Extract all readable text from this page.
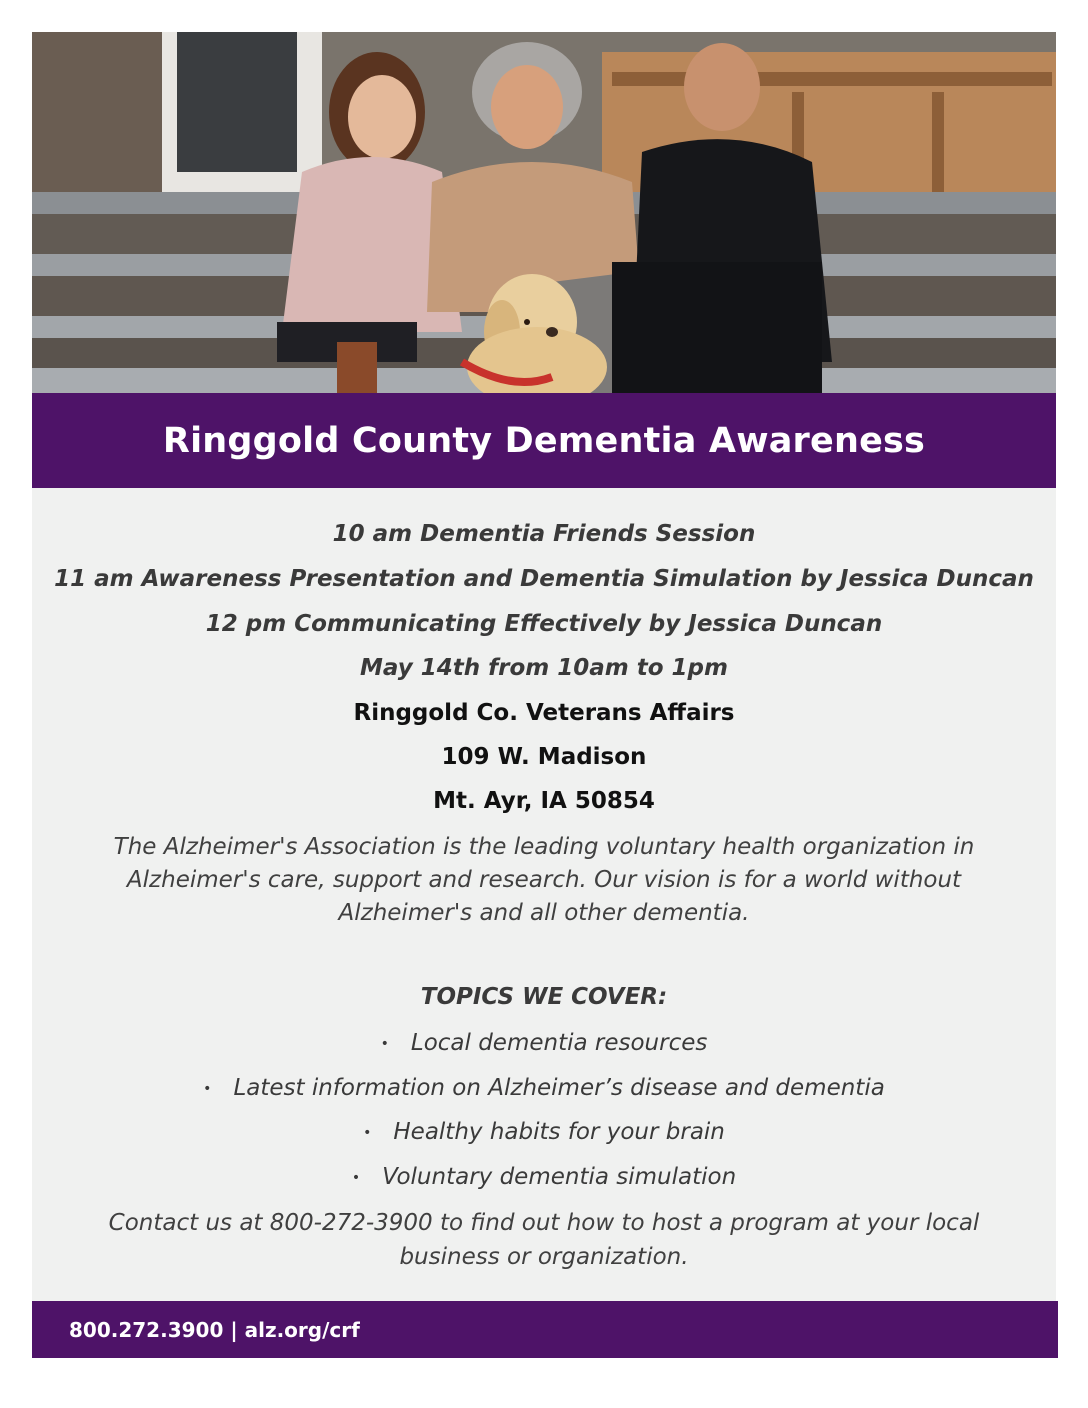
Ringgold County Dementia Awareness
10 am Dementia Friends Session
11 am Awareness Presentation and Dementia Simulation by Jessica Duncan
12 pm Communicating Effectively by Jessica Duncan
May 14th from 10am to 1pm
Ringgold Co. Veterans Affairs
109 W. Madison
Mt. Ayr, IA 50854
The Alzheimer's Association is the leading voluntary health organization in Alzheimer's care, support and research. Our vision is for a world without Alzheimer's and all other dementia.
TOPICS WE COVER:
• Local dementia resources
• Latest information on Alzheimer’s disease and dementia
• Healthy habits for your brain
• Voluntary dementia simulation
Contact us at 800-272-3900 to find out how to host a program at your local business or organization.
800.272.3900 | alz.org/crf
